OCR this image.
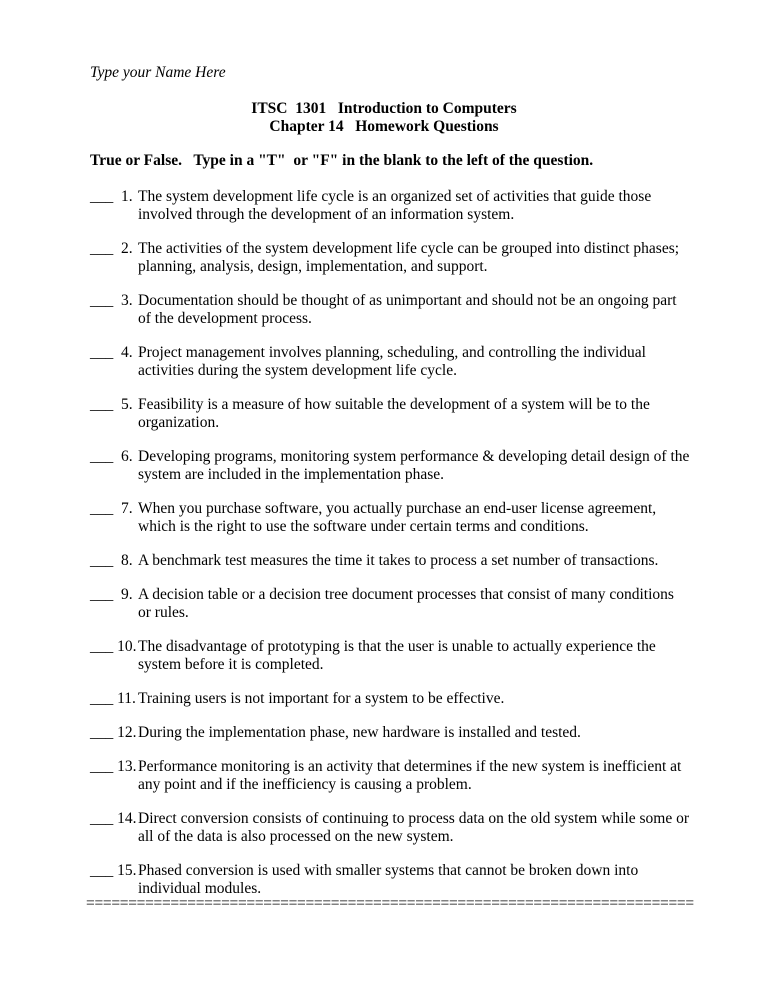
Type your Name Here
ITSC  1301   Introduction to Computers
Chapter 14   Homework Questions
True or False.   Type in a "T"  or "F" in the blank to the left of the question.
___  1. The system development life cycle is an organized set of activities that guide those involved through the development of an information system.
___  2. The activities of the system development life cycle can be grouped into distinct phases; planning, analysis, design, implementation, and support.
___  3. Documentation should be thought of as unimportant and should not be an ongoing part of the development process.
___  4. Project management involves planning, scheduling, and controlling the individual activities during the system development life cycle.
___  5. Feasibility is a measure of how suitable the development of a system will be to the organization.
___  6. Developing programs, monitoring system performance & developing detail design of the system are included in the implementation phase.
___  7. When you purchase software, you actually purchase an end-user license agreement, which is the right to use the software under certain terms and conditions.
___  8. A benchmark test measures the time it takes to process a set number of transactions.
___  9. A decision table or a decision tree document processes that consist of many conditions or rules.
___ 10. The disadvantage of prototyping is that the user is unable to actually experience the system before it is completed.
___ 11. Training users is not important for a system to be effective.
___ 12. During the implementation phase, new hardware is installed and tested.
___ 13. Performance monitoring is an activity that determines if the new system is inefficient at any point and if the inefficiency is causing a problem.
___ 14. Direct conversion consists of continuing to process data on the old system while some or all of the data is also processed on the new system.
___ 15. Phased conversion is used with smaller systems that cannot be broken down into individual modules.
========================================================================
